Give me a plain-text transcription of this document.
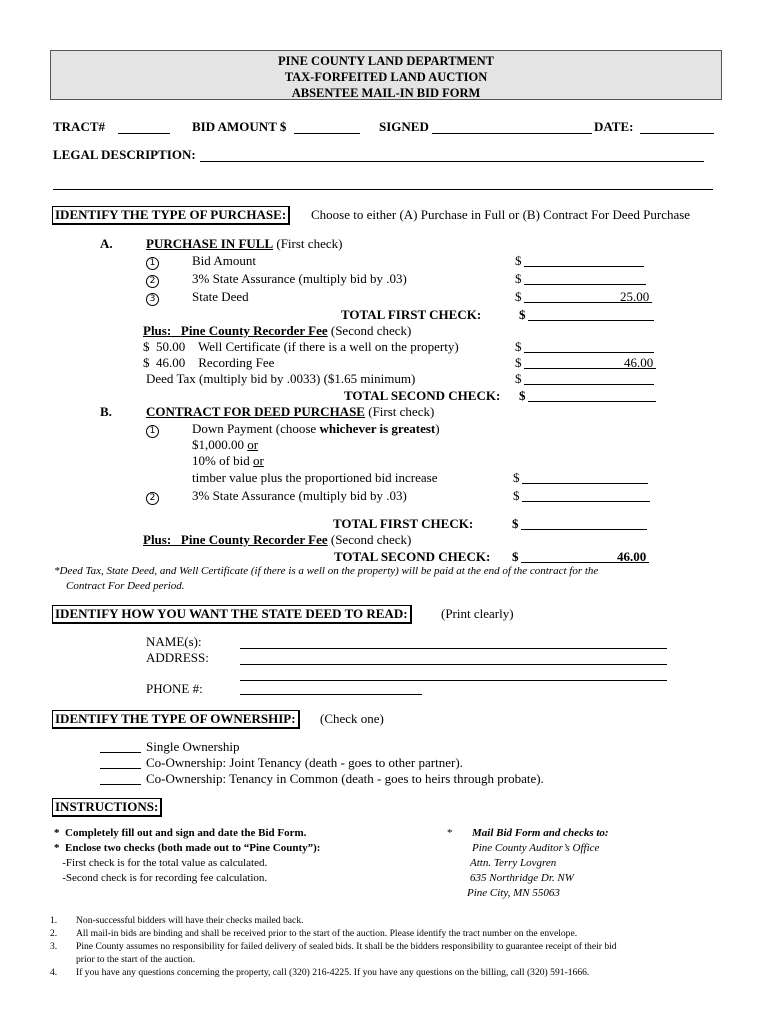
PINE COUNTY LAND DEPARTMENT
TAX-FORFEITED LAND AUCTION
ABSENTEE MAIL-IN BID FORM
TRACT#	BID AMOUNT $	SIGNED	DATE:
LEGAL DESCRIPTION:
IDENTIFY THE TYPE OF PURCHASE:	Choose to either (A) Purchase in Full or (B) Contract For Deed Purchase
A.	PURCHASE IN FULL (First check)
1	Bid Amount	$
2	3% State Assurance (multiply bid by .03)	$
3	State Deed	$	25.00
TOTAL FIRST CHECK:	$
Plus: Pine County Recorder Fee (Second check)
$  50.00    Well Certificate (if there is a well on the property)	$
$  46.00    Recording Fee	$	46.00
Deed Tax (multiply bid by .0033) ($1.65 minimum)	$
TOTAL SECOND CHECK: $
B.	CONTRACT FOR DEED PURCHASE (First check)
1	Down Payment (choose whichever is greatest)
$1,000.00 or
10% of bid or
timber value plus the proportioned bid increase	$
2	3% State Assurance (multiply bid by .03)	$
TOTAL FIRST CHECK:	$
Plus: Pine County Recorder Fee (Second check)
TOTAL SECOND CHECK: $	46.00
*Deed Tax, State Deed, and Well Certificate (if there is a well on the property) will be paid at the end of the contract for the
Contract For Deed period.
IDENTIFY HOW YOU WANT THE STATE DEED TO READ:	(Print clearly)
NAME(s):
ADDRESS:
PHONE #:
IDENTIFY THE TYPE OF OWNERSHIP:	(Check one)
Single Ownership
Co-Ownership: Joint Tenancy (death - goes to other partner).
Co-Ownership: Tenancy in Common (death - goes to heirs through probate).
INSTRUCTIONS:
*  Completely fill out and sign and date the Bid Form.
*  Enclose two checks (both made out to “Pine County”):
-First check is for the total value as calculated.
-Second check is for recording fee calculation.
* Mail Bid Form and checks to:
Pine County Auditor’s Office
Attn. Terry Lovgren
635 Northridge Dr. NW
Pine City, MN 55063
1. Non-successful bidders will have their checks mailed back.
2. All mail-in bids are binding and shall be received prior to the start of the auction. Please identify the tract number on the envelope.
3. Pine County assumes no responsibility for failed delivery of sealed bids. It shall be the bidders responsibility to guarantee receipt of their bid
prior to the start of the auction.
4. If you have any questions concerning the property, call (320) 216-4225. If you have any questions on the billing, call (320) 591-1666.
